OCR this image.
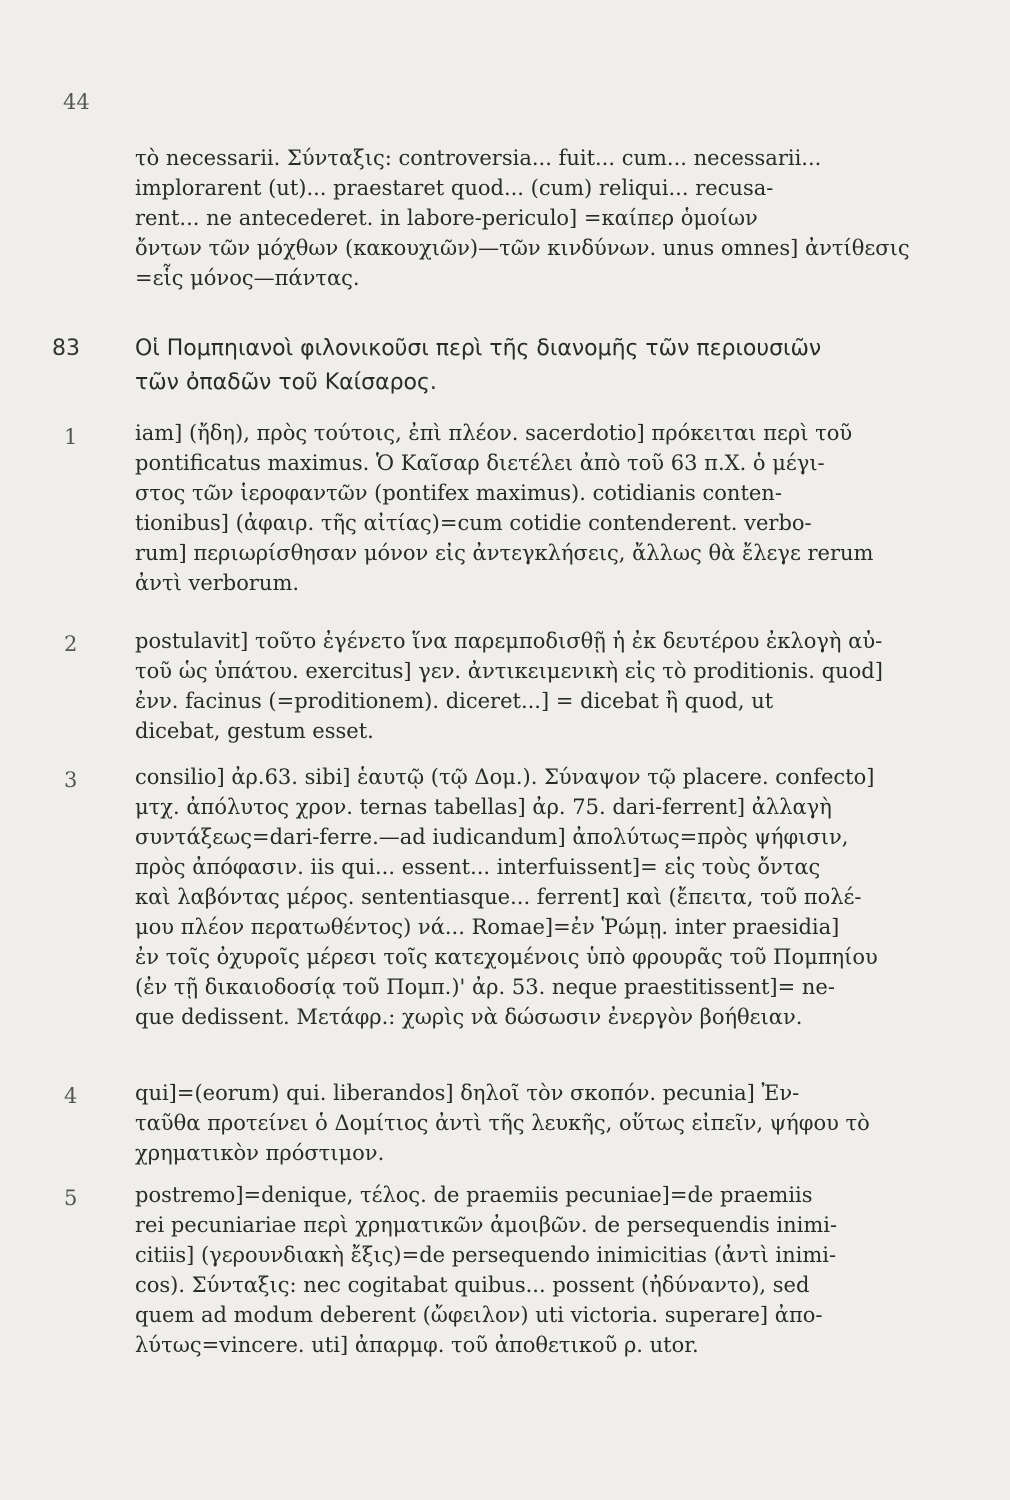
44
τὸ necessarii. Σύνταξις: controversia... fuit... cum... necessarii...
implorarent (ut)... praestaret quod... (cum) reliqui... recusa-
rent... ne antecederet. in labore-periculo] =καίπερ ὁμοίων
ὄντων τῶν μόχθων (κακουχιῶν)—τῶν κινδύνων. unus omnes] ἀντίθεσις
=εἷς μόνος—πάντας.
83	Οἱ Πομπηιανοὶ φιλονικοῦσι περὶ τῆς διανομῆς τῶν περιουσιῶν
τῶν ὀπαδῶν τοῦ Καίσαρος.
1	iam] (ἤδη), πρὸς τούτοις, ἐπὶ πλέον. sacerdotio] πρόκειται περὶ τοῦ
pontificatus maximus. Ὁ Καῖσαρ διετέλει ἀπὸ τοῦ 63 π.Χ. ὁ μέγι-
στος τῶν ἱεροφαντῶν (pontifex maximus). cotidianis conten-
tionibus] (ἀφαιρ. τῆς αἰτίας)=cum cotidie contenderent. verbo-
rum] περιωρίσθησαν μόνον εἰς ἀντεγκλήσεις, ἄλλως θὰ ἔλεγε rerum
ἀντὶ verborum.
2	postulavit] τοῦτο ἐγένετο ἵνα παρεμποδισθῇ ἡ ἐκ δευτέρου ἐκλογὴ αὐ-
τοῦ ὡς ὑπάτου. exercitus] γεν. ἀντικειμενικὴ εἰς τὸ proditionis. quod]
ἐνν. facinus (=proditionem). diceret...] = dicebat ἢ quod, ut
dicebat, gestum esset.
3	consilio] ἀρ.63. sibi] ἑαυτῷ (τῷ Δομ.). Σύναψον τῷ placere. confecto]
μτχ. ἀπόλυτος χρον. ternas tabellas] ἀρ. 75. dari-ferrent] ἀλλαγὴ
συντάξεως=dari-ferre.—ad iudicandum] ἀπολύτως=πρὸς ψήφισιν,
πρὸς ἀπόφασιν. iis qui... essent... interfuissent]= εἰς τοὺς ὄντας
καὶ λαβόντας μέρος. sententiasque... ferrent] καὶ (ἔπειτα, τοῦ πολέ-
μου πλέον περατωθέντος) νά... Romae]=ἐν Ῥώμῃ. inter praesidia]
ἐν τοῖς ὀχυροῖς μέρεσι τοῖς κατεχομένοις ὑπὸ φρουρᾶς τοῦ Πομπηίου
(ἐν τῇ δικαιοδοσίᾳ τοῦ Πομπ.)' ἀρ. 53. neque praestitissent]= ne-
que dedissent. Μετάφρ.: χωρὶς νὰ δώσωσιν ἐνεργὸν βοήθειαν.
4	qui]=(eorum) qui. liberandos] δηλοῖ τὸν σκοπόν. pecunia] Ἐν-
ταῦθα προτείνει ὁ Δομίτιος ἀντὶ τῆς λευκῆς, οὕτως εἰπεῖν, ψήφου τὸ
χρηματικὸν πρόστιμον.
5	postremo]=denique, τέλος. de praemiis pecuniae]=de praemiis
rei pecuniariae περὶ χρηματικῶν ἀμοιβῶν. de persequendis inimi-
citiis] (γερουνδιακὴ ἔξις)=de persequendo inimicitias (ἀντὶ inimi-
cos). Σύνταξις: nec cogitabat quibus... possent (ἠδύναντο), sed
quem ad modum deberent (ὤφειλον) uti victoria. superare] ἀπο-
λύτως=vincere. uti] ἀπαρμφ. τοῦ ἀποθετικοῦ ρ. utor.
